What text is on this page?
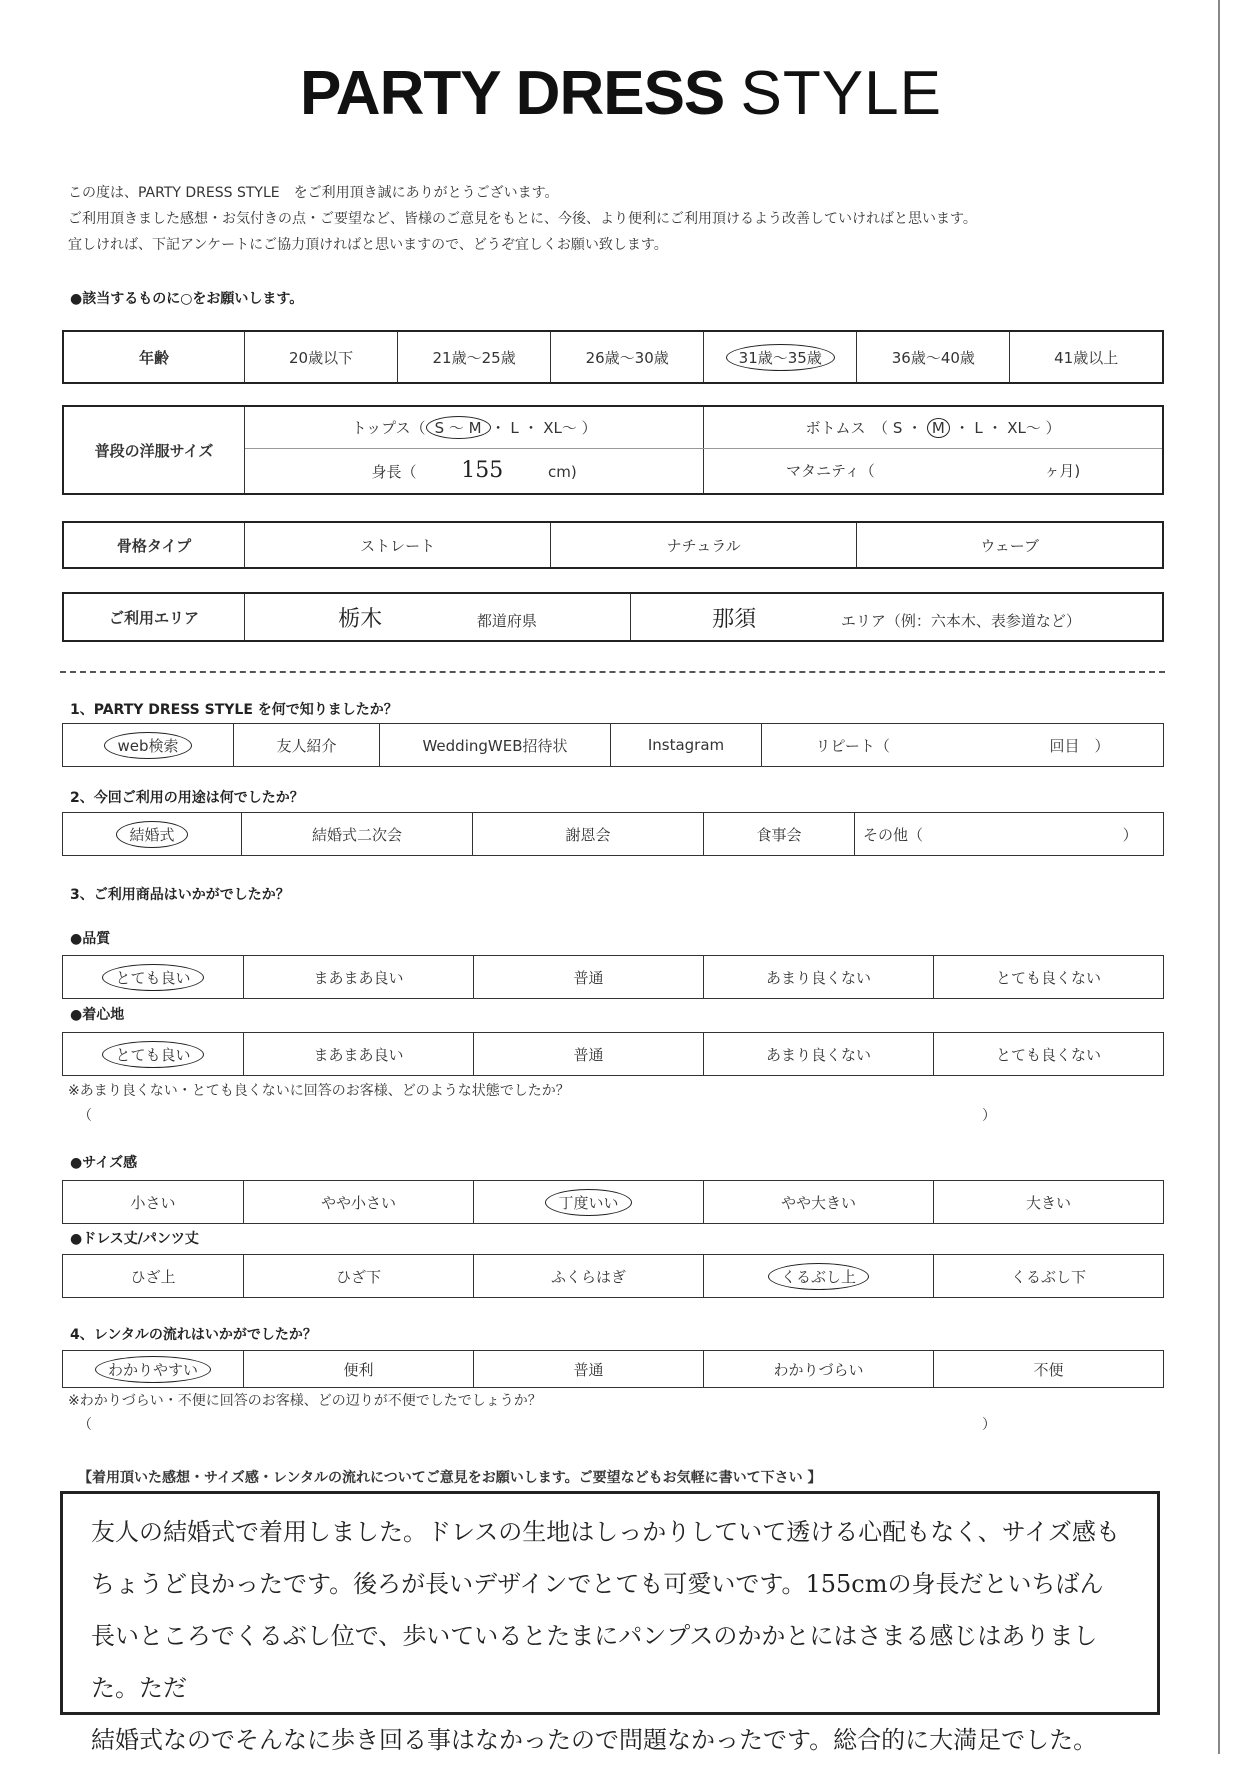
PARTY DRESS STYLE
この度は、PARTY DRESS STYLE　をご利用頂き誠にありがとうございます。
ご利用頂きました感想・お気付きの点・ご要望など、皆様のご意見をもとに、今後、より便利にご利用頂けるよう改善していければと思います。
宜しければ、下記アンケートにご協力頂ければと思いますので、どうぞ宜しくお願い致します。
●該当するものに○をお願いします。
年齢	20歳以下	21歳～25歳	26歳～30歳	31歳～35歳	36歳～40歳	41歳以上
普段の洋服サイズ	トップス（ S ～ M ・ L ・ XL～ ）	ボトムス　（ S ・ M ・ L ・ XL～ ）
	身長（ 155 cm)	マタニティ（ ヶ月)
骨格タイプ	ストレート	ナチュラル	ウェーブ
ご利用エリア	栃木	都道府県	那須	エリア（例：六本木、表参道など）
1、PARTY DRESS STYLE を何で知りましたか？
web検索	友人紹介	WeddingWEB招待状	Instagram	リピート（	回目　）
2、今回ご利用の用途は何でしたか？
結婚式	結婚式二次会	謝恩会	食事会	その他（	）
3、ご利用商品はいかがでしたか？
●品質
とても良い	まあまあ良い	普通	あまり良くない	とても良くない
●着心地
とても良い	まあまあ良い	普通	あまり良くない	とても良くない
※あまり良くない・とても良くないに回答のお客様、どのような状態でしたか？
（	）
●サイズ感
小さい	やや小さい	丁度いい	やや大きい	大きい
●ドレス丈/パンツ丈
ひざ上	ひざ下	ふくらはぎ	くるぶし上	くるぶし下
4、レンタルの流れはいかがでしたか？
わかりやすい	便利	普通	わかりづらい	不便
※わかりづらい・不便に回答のお客様、どの辺りが不便でしたでしょうか？
（	）
【着用頂いた感想・サイズ感・レンタルの流れについてご意見をお願いします。ご要望などもお気軽に書いて下さい 】
友人の結婚式で着用しました。ドレスの生地はしっかりしていて透ける心配もなく、サイズ感も
ちょうど良かったです。後ろが長いデザインでとても可愛いです。155cmの身長だといちばん
長いところでくるぶし位で、歩いているとたまにパンプスのかかとにはさまる感じはありました。ただ
結婚式なのでそんなに歩き回る事はなかったので問題なかったです。総合的に大満足でした。
